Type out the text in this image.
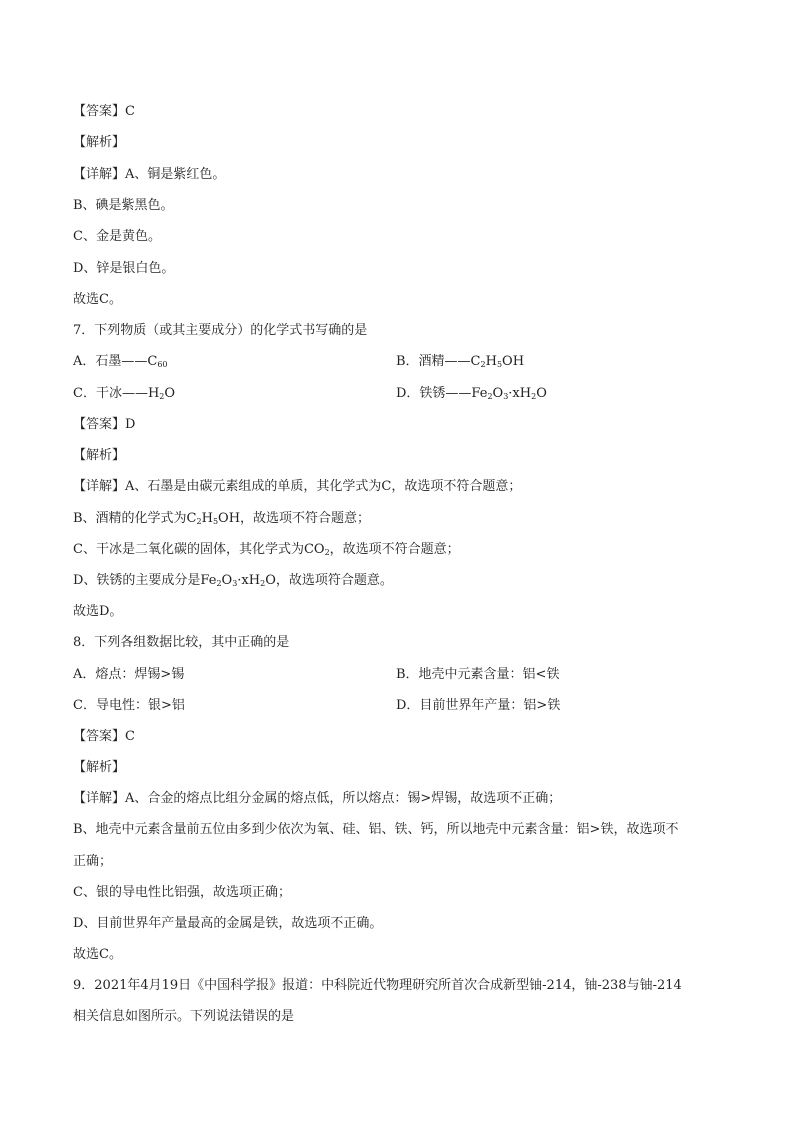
【答案】C
【解析】
【详解】A、铜是紫红色。
B、碘是紫黑色。
C、金是黄色。
D、锌是银白色。
故选C。
7．下列物质（或其主要成分）的化学式书写确的是
A．石墨$——C_{60}$	B．酒精$——C_2H_5OH$
C．干冰$——H_2O$	D．铁锈$——Fe_2O_3\cdot xH_2O$
【答案】D
【解析】
【详解】A、石墨是由碳元素组成的单质，其化学式为C，故选项不符合题意；
B、酒精的化学式为$C_2H_5OH$，故选项不符合题意；
C、干冰是二氧化碳的固体，其化学式为$CO_2$，故选项不符合题意；
D、铁锈的主要成分是$Fe_2O_3\cdot xH_2O$，故选项符合题意。
故选D。
8．下列各组数据比较，其中正确的是
A．熔点：焊锡>锡	B．地壳中元素含量：铝<铁
C．导电性：银>铝	D．目前世界年产量：铝>铁
【答案】C
【解析】
【详解】A、合金的熔点比组分金属的熔点低，所以熔点：锡>焊锡，故选项不正确；
B、地壳中元素含量前五位由多到少依次为氧、硅、铝、铁、钙，所以地壳中元素含量：铝>铁，故选项不
正确；
C、银的导电性比铝强，故选项正确；
D、目前世界年产量最高的金属是铁，故选项不正确。
故选C。
9．2021年4月19日《中国科学报》报道：中科院近代物理研究所首次合成新型铀-214，铀-238与铀-214
相关信息如图所示。下列说法错误的是
